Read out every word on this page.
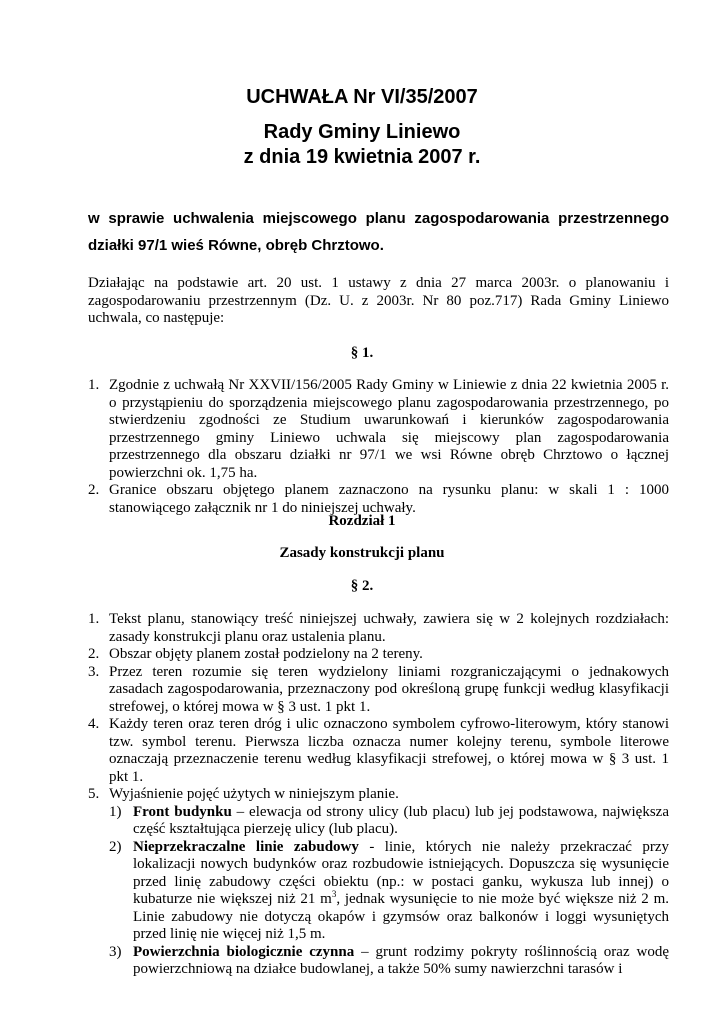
UCHWAŁA Nr VI/35/2007
Rady Gminy Liniewo
z dnia 19 kwietnia 2007 r.
w sprawie uchwalenia miejscowego planu zagospodarowania przestrzennego działki 97/1 wieś Równe, obręb Chrztowo.
Działając na podstawie art. 20 ust. 1 ustawy z dnia 27 marca 2003r. o planowaniu i zagospodarowaniu przestrzennym (Dz. U. z 2003r. Nr 80 poz.717) Rada Gminy Liniewo uchwala, co następuje:
§ 1.
1. Zgodnie z uchwałą Nr XXVII/156/2005 Rady Gminy w Liniewie z dnia 22 kwietnia 2005 r. o przystąpieniu do sporządzenia miejscowego planu zagospodarowania przestrzennego, po stwierdzeniu zgodności ze Studium uwarunkowań i kierunków zagospodarowania przestrzennego gminy Liniewo uchwala się miejscowy plan zagospodarowania przestrzennego dla obszaru działki nr 97/1 we wsi Równe obręb Chrztowo o łącznej powierzchni ok. 1,75 ha.
2. Granice obszaru objętego planem zaznaczono na rysunku planu: w skali 1 : 1000 stanowiącego załącznik nr 1 do niniejszej uchwały.
Rozdział 1
Zasady konstrukcji planu
§ 2.
1. Tekst planu, stanowiący treść niniejszej uchwały, zawiera się w 2 kolejnych rozdziałach: zasady konstrukcji planu oraz ustalenia planu.
2. Obszar objęty planem został podzielony na 2 tereny.
3. Przez teren rozumie się teren wydzielony liniami rozgraniczającymi o jednakowych zasadach zagospodarowania, przeznaczony pod określoną grupę funkcji według klasyfikacji strefowej, o której mowa w § 3 ust. 1 pkt 1.
4. Każdy teren oraz teren dróg i ulic oznaczono symbolem cyfrowo-literowym, który stanowi tzw. symbol terenu. Pierwsza liczba oznacza numer kolejny terenu, symbole literowe oznaczają przeznaczenie terenu według klasyfikacji strefowej, o której mowa w § 3 ust. 1 pkt 1.
5. Wyjaśnienie pojęć użytych w niniejszym planie.
1) Front budynku – elewacja od strony ulicy (lub placu) lub jej podstawowa, największa część kształtująca pierzeję ulicy (lub placu).
2) Nieprzekraczalne linie zabudowy - linie, których nie należy przekraczać przy lokalizacji nowych budynków oraz rozbudowie istniejących. Dopuszcza się wysunięcie przed linię zabudowy części obiektu (np.: w postaci ganku, wykusza lub innej) o kubaturze nie większej niż 21 $m^3$, jednak wysunięcie to nie może być większe niż 2 m. Linie zabudowy nie dotyczą okapów i gzymsów oraz balkonów i loggi wysuniętych przed linię nie więcej niż 1,5 m.
3) Powierzchnia biologicznie czynna – grunt rodzimy pokryty roślinnością oraz wodę powierzchniową na działce budowlanej, a także 50% sumy nawierzchni tarasów i
